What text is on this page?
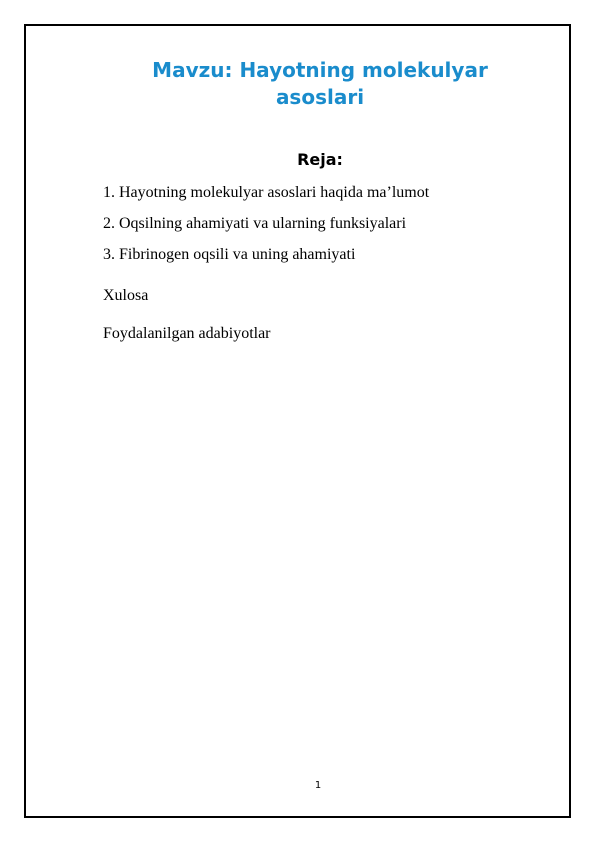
Mavzu: Hayotning molekulyar asoslari
Reja:
1. Hayotning molekulyar asoslari haqida ma’lumot
2. Oqsilning ahamiyati va ularning funksiyalari
3. Fibrinogen oqsili va uning ahamiyati
Xulosa
Foydalanilgan adabiyotlar
1
